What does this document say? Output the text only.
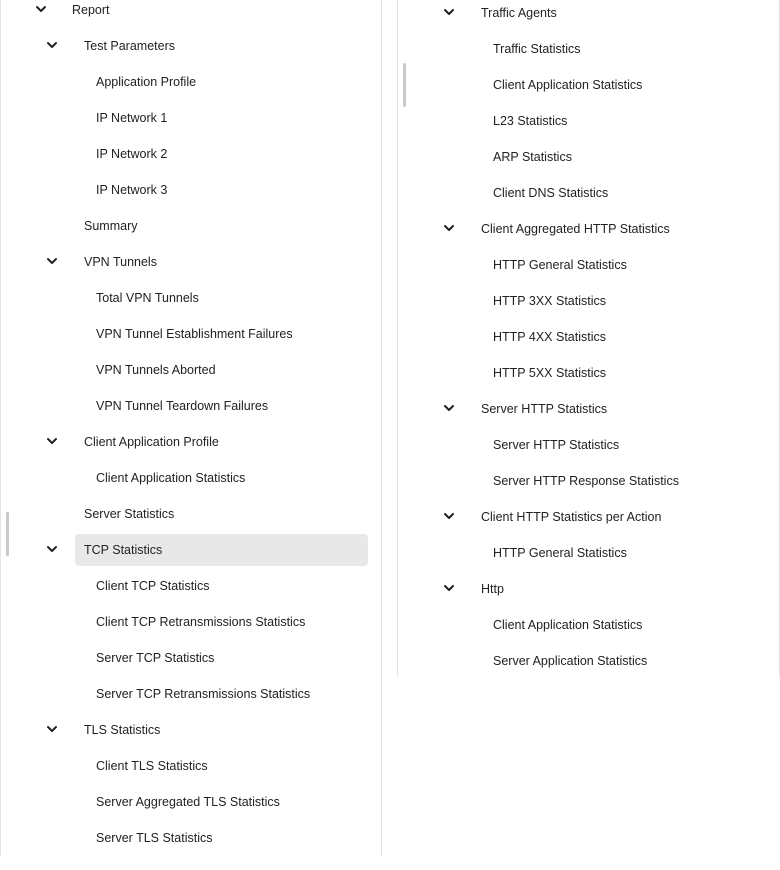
Report
Test Parameters
Application Profile
IP Network 1
IP Network 2
IP Network 3
Summary
VPN Tunnels
Total VPN Tunnels
VPN Tunnel Establishment Failures
VPN Tunnels Aborted
VPN Tunnel Teardown Failures
Client Application Profile
Client Application Statistics
Server Statistics
TCP Statistics
Client TCP Statistics
Client TCP Retransmissions Statistics
Server TCP Statistics
Server TCP Retransmissions Statistics
TLS Statistics
Client TLS Statistics
Server Aggregated TLS Statistics
Server TLS Statistics
Traffic Agents
Traffic Statistics
Client Application Statistics
L23 Statistics
ARP Statistics
Client DNS Statistics
Client Aggregated HTTP Statistics
HTTP General Statistics
HTTP 3XX Statistics
HTTP 4XX Statistics
HTTP 5XX Statistics
Server HTTP Statistics
Server HTTP Statistics
Server HTTP Response Statistics
Client HTTP Statistics per Action
HTTP General Statistics
Http
Client Application Statistics
Server Application Statistics
